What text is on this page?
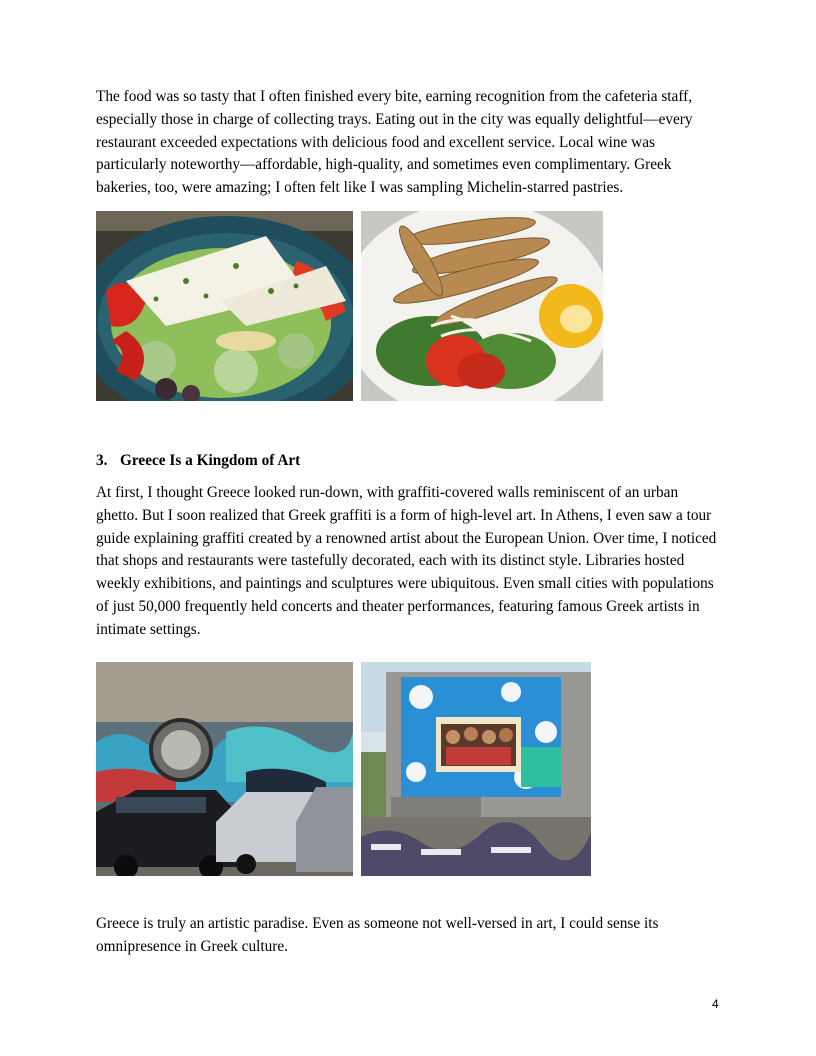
The food was so tasty that I often finished every bite, earning recognition from the cafeteria staff, especially those in charge of collecting trays. Eating out in the city was equally delightful—every restaurant exceeded expectations with delicious food and excellent service. Local wine was particularly noteworthy—affordable, high-quality, and sometimes even complimentary. Greek bakeries, too, were amazing; I often felt like I was sampling Michelin-starred pastries.

3. Greece Is a Kingdom of Art

At first, I thought Greece looked run-down, with graffiti-covered walls reminiscent of an urban ghetto. But I soon realized that Greek graffiti is a form of high-level art. In Athens, I even saw a tour guide explaining graffiti created by a renowned artist about the European Union. Over time, I noticed that shops and restaurants were tastefully decorated, each with its distinct style. Libraries hosted weekly exhibitions, and paintings and sculptures were ubiquitous. Even small cities with populations of just 50,000 frequently held concerts and theater performances, featuring famous Greek artists in intimate settings.

Greece is truly an artistic paradise. Even as someone not well-versed in art, I could sense its omnipresence in Greek culture.

4
